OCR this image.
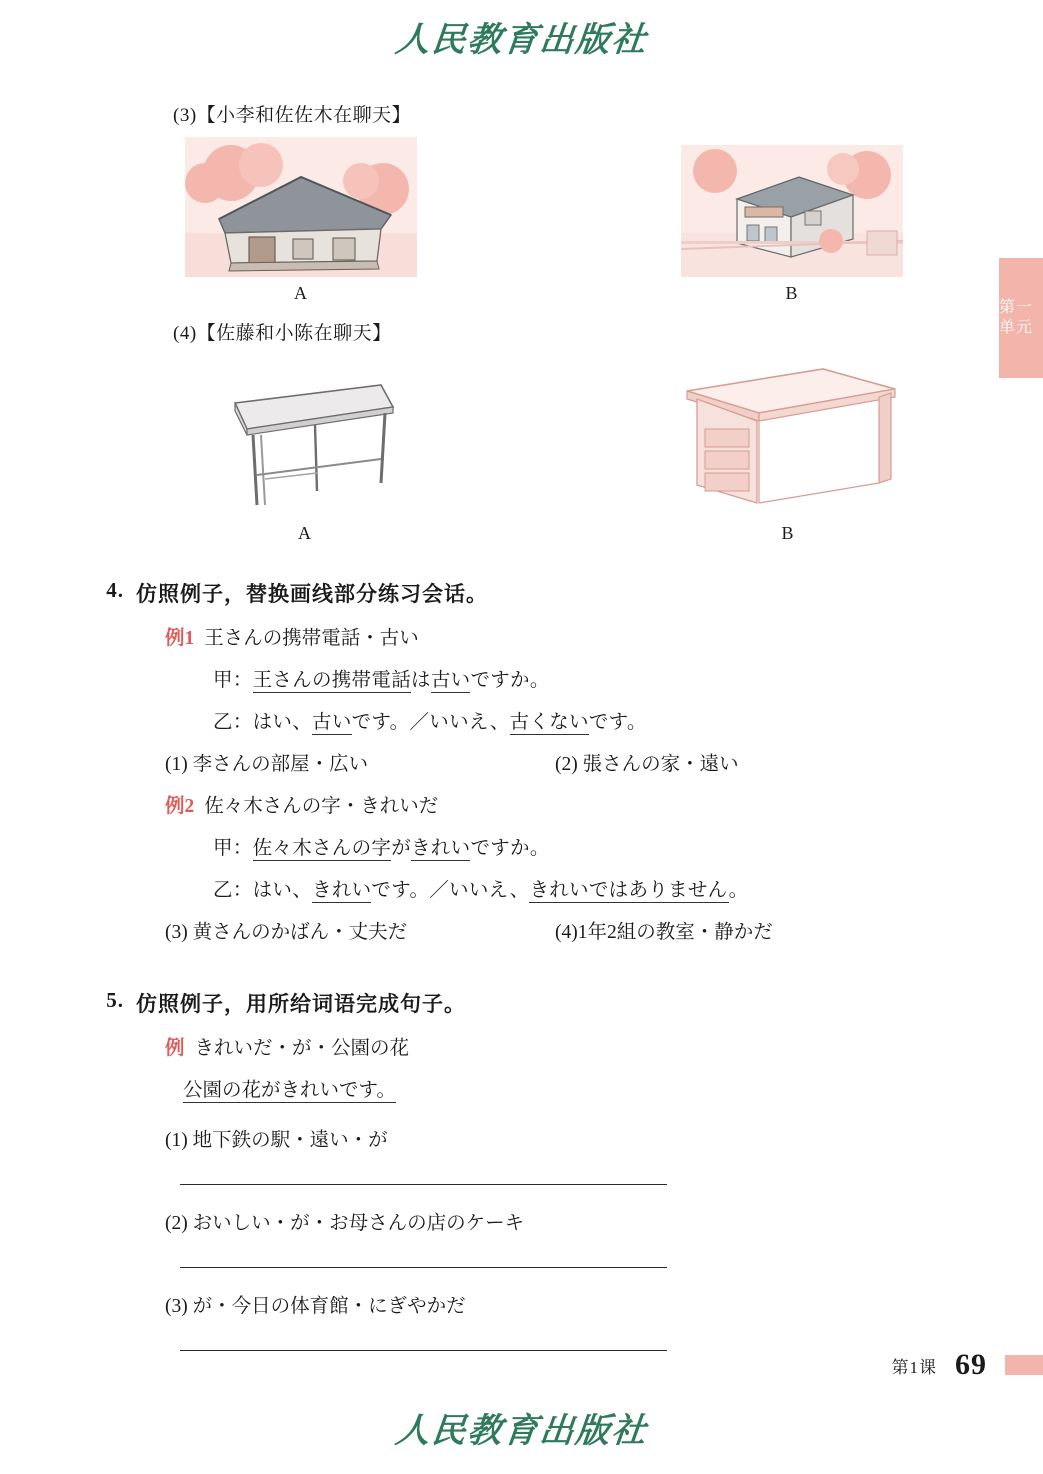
人民教育出版社
第一单元
(3)【小李和佐佐木在聊天】
A	B
(4)【佐藤和小陈在聊天】
A	B
4. 仿照例子，替换画线部分练习会话。
例1 王さんの携帯電話・古い
甲：王さんの携帯電話は古いですか。
乙：はい、古いです。／いいえ、古くないです。
(1) 李さんの部屋・広い	(2) 張さんの家・遠い
例2 佐々木さんの字・きれいだ
甲：佐々木さんの字がきれいですか。
乙：はい、きれいです。／いいえ、きれいではありません。
(3) 黄さんのかばん・丈夫だ	(4)1年2組の教室・静かだ
5. 仿照例子，用所给词语完成句子。
例 きれいだ・が・公園の花
公園の花がきれいです。
(1) 地下鉄の駅・遠い・が
(2) おいしい・が・お母さんの店のケーキ
(3) が・今日の体育館・にぎやかだ
第1课 69
人民教育出版社
